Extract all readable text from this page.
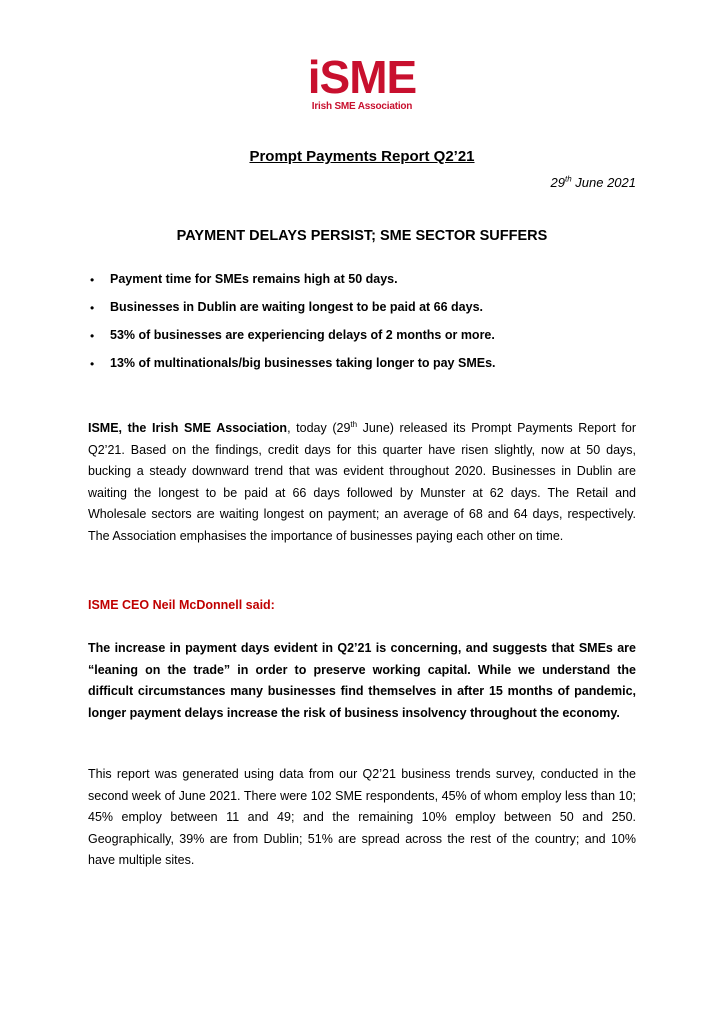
iSME
Irish SME Association
Prompt Payments Report Q2’21
29th June 2021
PAYMENT DELAYS PERSIST; SME SECTOR SUFFERS
• Payment time for SMEs remains high at 50 days.
• Businesses in Dublin are waiting longest to be paid at 66 days.
• 53% of businesses are experiencing delays of 2 months or more.
• 13% of multinationals/big businesses taking longer to pay SMEs.

ISME, the Irish SME Association, today (29th June) released its Prompt Payments Report for Q2’21. Based on the findings, credit days for this quarter have risen slightly, now at 50 days, bucking a steady downward trend that was evident throughout 2020. Businesses in Dublin are waiting the longest to be paid at 66 days followed by Munster at 62 days. The Retail and Wholesale sectors are waiting longest on payment; an average of 68 and 64 days, respectively. The Association emphasises the importance of businesses paying each other on time.

ISME CEO Neil McDonnell said:

The increase in payment days evident in Q2’21 is concerning, and suggests that SMEs are “leaning on the trade” in order to preserve working capital. While we understand the difficult circumstances many businesses find themselves in after 15 months of pandemic, longer payment delays increase the risk of business insolvency throughout the economy.

This report was generated using data from our Q2’21 business trends survey, conducted in the second week of June 2021. There were 102 SME respondents, 45% of whom employ less than 10; 45% employ between 11 and 49; and the remaining 10% employ between 50 and 250. Geographically, 39% are from Dublin; 51% are spread across the rest of the country; and 10% have multiple sites.
